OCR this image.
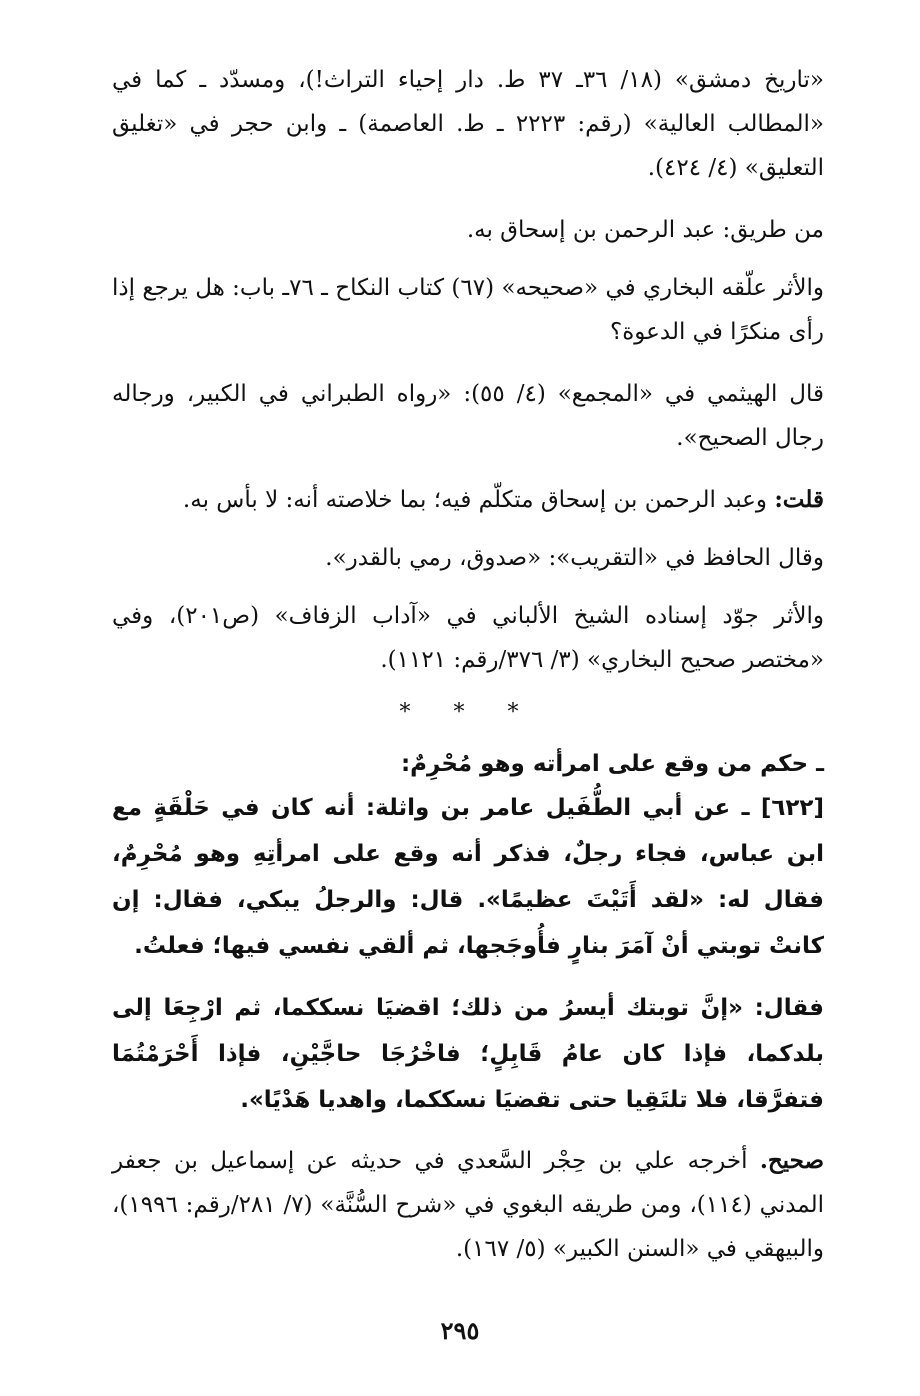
«تاريخ دمشق» (١٨/ ٣٦ـ ٣٧ ط. دار إحياء التراث!)، ومسدّد ـ كما في «المطالب العالية» (رقم: ٢٢٢٣ ـ ط. العاصمة) ـ وابن حجر في «تغليق التعليق» (٤/ ٤٢٤).

من طريق: عبد الرحمن بن إسحاق به.

والأثر علّقه البخاري في «صحيحه» (٦٧) كتاب النكاح ـ ٧٦ـ باب: هل يرجع إذا رأى منكرًا في الدعوة؟

قال الهيثمي في «المجمع» (٤/ ٥٥): «رواه الطبراني في الكبير، ورجاله رجال الصحيح».

قلت: وعبد الرحمن بن إسحاق متكلّم فيه؛ بما خلاصته أنه: لا بأس به.

وقال الحافظ في «التقريب»: «صدوق، رمي بالقدر».

والأثر جوّد إسناده الشيخ الألباني في «آداب الزفاف» (ص٢٠١)، وفي «مختصر صحيح البخاري» (٣/ ٣٧٦/رقم: ١١٢١).

* * *

ـ حكم من وقع على امرأته وهو مُحْرِمٌ:

[٦٢٢] ـ عن أبي الطُّفَيل عامر بن واثلة: أنه كان في حَلْقَةٍ مع ابن عباس، فجاء رجلٌ، فذكر أنه وقع على امرأتِهِ وهو مُحْرِمٌ، فقال له: «لقد أَتَيْتَ عظيمًا». قال: والرجلُ يبكي، فقال: إن كانتْ توبتي أنْ آمَرَ بنارٍ فأُوجَجها، ثم ألقي نفسي فيها؛ فعلتُ.

فقال: «إنَّ توبتك أيسرُ من ذلك؛ اقضيَا نسككما، ثم ارْجِعَا إلى بلدكما، فإذا كان عامُ قَابِلٍ؛ فاخْرُجَا حاجَّيْنِ، فإذا أَحْرَمْتُمَا فتفرَّقا، فلا تلتَقِيا حتى تقضيَا نسككما، واهديا هَدْيًا».

صحيح. أخرجه علي بن حِجْر السَّعدي في حديثه عن إسماعيل بن جعفر المدني (١١٤)، ومن طريقه البغوي في «شرح السُّنَّة» (٧/ ٢٨١/رقم: ١٩٩٦)، والبيهقي في «السنن الكبير» (٥/ ١٦٧).

٢٩٥
